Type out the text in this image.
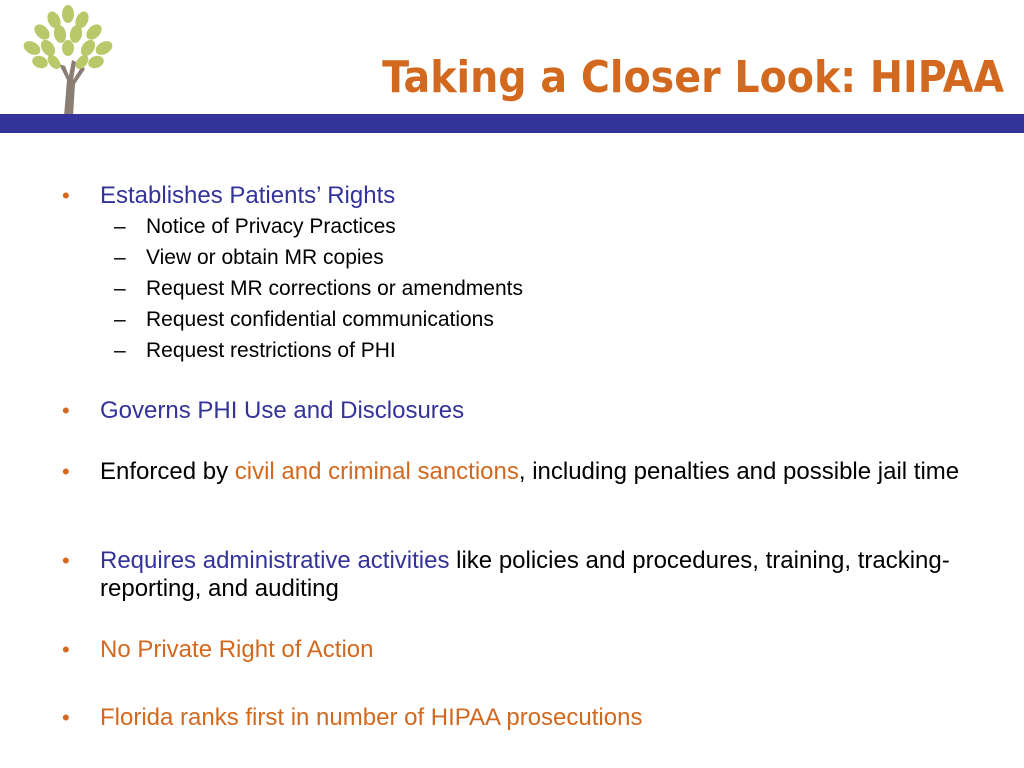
Taking a Closer Look: HIPAA
• Establishes Patients’ Rights
– Notice of Privacy Practices
– View or obtain MR copies
– Request MR corrections or amendments
– Request confidential communications
– Request restrictions of PHI
• Governs PHI Use and Disclosures
• Enforced by civil and criminal sanctions, including penalties and possible jail time
• Requires administrative activities like policies and procedures, training, tracking-reporting, and auditing
• No Private Right of Action
• Florida ranks first in number of HIPAA prosecutions
